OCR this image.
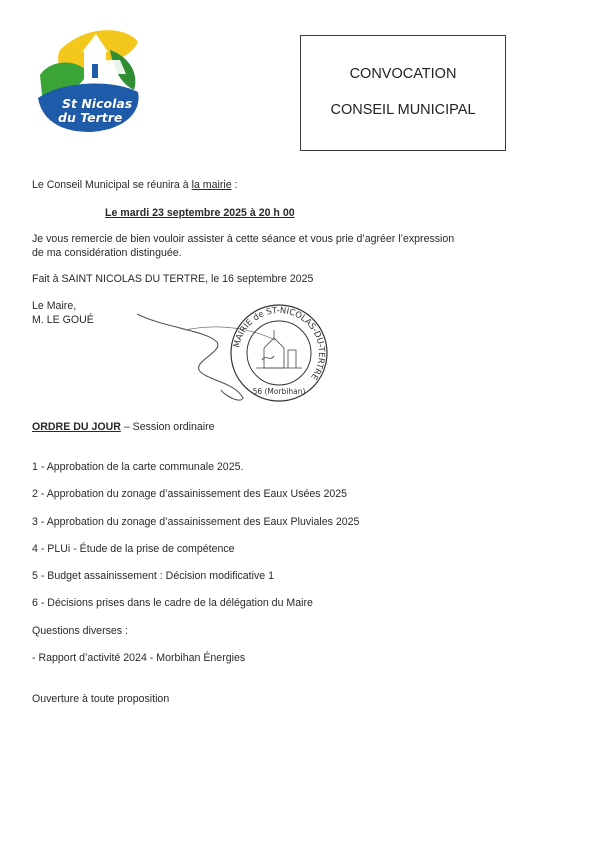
St Nicolas
du Tertre
CONVOCATION
CONSEIL MUNICIPAL
Le Conseil Municipal se réunira à la mairie :
Le mardi 23 septembre 2025 à 20 h 00
Je vous remercie de bien vouloir assister à cette séance et vous prie d’agréer l’expression
de ma considération distinguée.
Fait à SAINT NICOLAS DU TERTRE, le 16 septembre 2025
Le Maire,
M. LE GOUÉ
MAIRIE de ST-NICOLAS-DU-TERTRE
56 (Morbihan)
ORDRE DU JOUR – Session ordinaire
1 - Approbation de la carte communale 2025.
2 - Approbation du zonage d’assainissement des Eaux Usées 2025
3 - Approbation du zonage d’assainissement des Eaux Pluviales 2025
4 - PLUi - Étude de la prise de compétence
5 - Budget assainissement : Décision modificative 1
6 - Décisions prises dans le cadre de la délégation du Maire
Questions diverses :
- Rapport d’activité 2024 - Morbihan Énergies
Ouverture à toute proposition
